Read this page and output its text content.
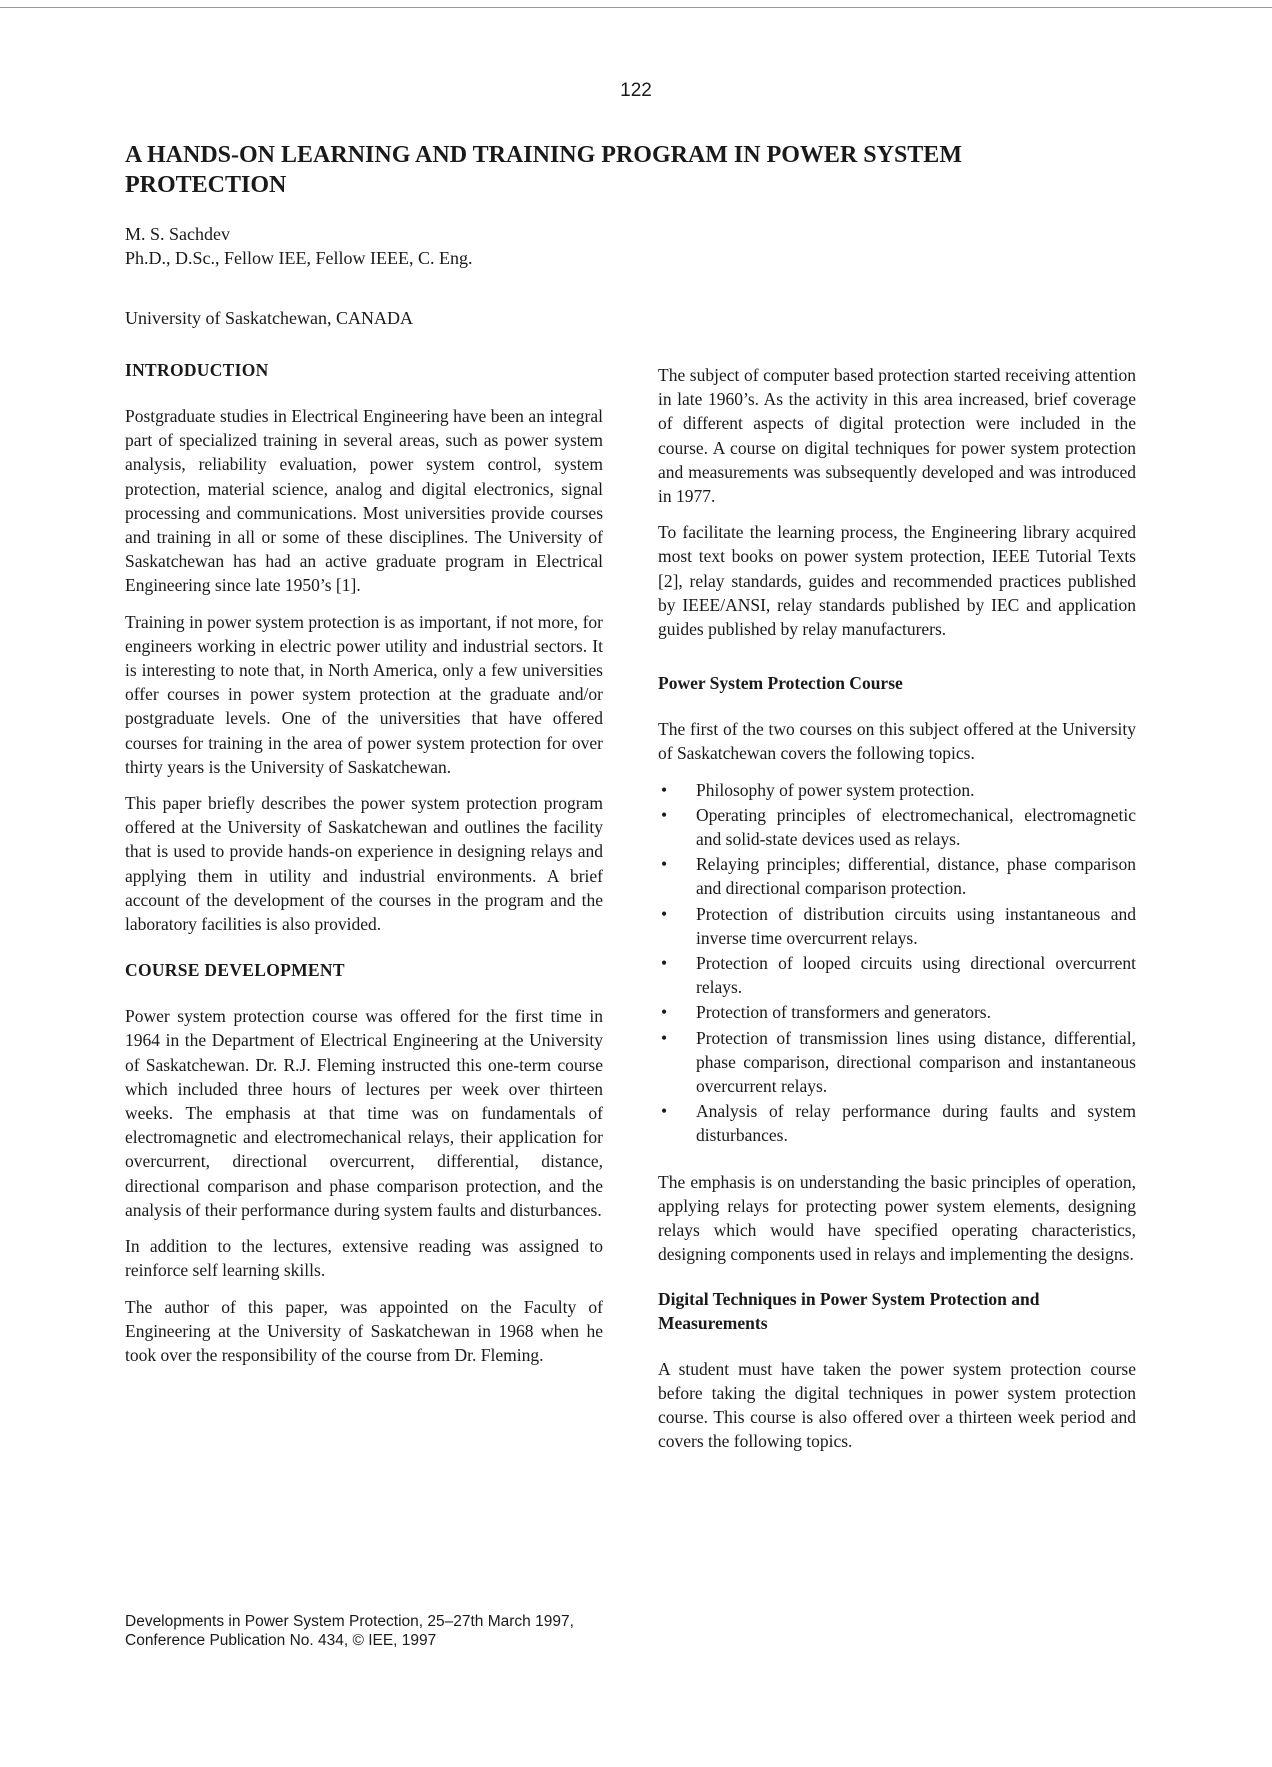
122
A HANDS-ON LEARNING AND TRAINING PROGRAM IN POWER SYSTEM PROTECTION
M. S. Sachdev
Ph.D., D.Sc., Fellow IEE, Fellow IEEE, C. Eng.
University of Saskatchewan, CANADA
INTRODUCTION

Postgraduate studies in Electrical Engineering have been an integral part of specialized training in several areas, such as power system analysis, reliability evaluation, power system control, system protection, material science, analog and digital electronics, signal processing and communications. Most universities provide courses and training in all or some of these disciplines. The University of Saskatchewan has had an active graduate program in Electrical Engineering since late 1950’s [1].

Training in power system protection is as important, if not more, for engineers working in electric power utility and industrial sectors. It is interesting to note that, in North America, only a few universities offer courses in power system protection at the graduate and/or postgraduate levels. One of the universities that have offered courses for training in the area of power system protection for over thirty years is the University of Saskatchewan.

This paper briefly describes the power system protection program offered at the University of Saskatchewan and outlines the facility that is used to provide hands-on experience in designing relays and applying them in utility and industrial environments. A brief account of the development of the courses in the program and the laboratory facilities is also provided.

COURSE DEVELOPMENT

Power system protection course was offered for the first time in 1964 in the Department of Electrical Engineering at the University of Saskatchewan. Dr. R.J. Fleming instructed this one-term course which included three hours of lectures per week over thirteen weeks. The emphasis at that time was on fundamentals of electromagnetic and electromechanical relays, their application for overcurrent, directional overcurrent, differential, distance, directional comparison and phase comparison protection, and the analysis of their performance during system faults and disturbances.

In addition to the lectures, extensive reading was assigned to reinforce self learning skills.

The author of this paper, was appointed on the Faculty of Engineering at the University of Saskatchewan in 1968 when he took over the responsibility of the course from Dr. Fleming.

The subject of computer based protection started receiving attention in late 1960’s. As the activity in this area increased, brief coverage of different aspects of digital protection were included in the course. A course on digital techniques for power system protection and measurements was subsequently developed and was introduced in 1977.

To facilitate the learning process, the Engineering library acquired most text books on power system protection, IEEE Tutorial Texts [2], relay standards, guides and recommended practices published by IEEE/ANSI, relay standards published by IEC and application guides published by relay manufacturers.

Power System Protection Course

The first of the two courses on this subject offered at the University of Saskatchewan covers the following topics.

• Philosophy of power system protection.
• Operating principles of electromechanical, electromagnetic and solid-state devices used as relays.
• Relaying principles; differential, distance, phase comparison and directional comparison protection.
• Protection of distribution circuits using instantaneous and inverse time overcurrent relays.
• Protection of looped circuits using directional overcurrent relays.
• Protection of transformers and generators.
• Protection of transmission lines using distance, differential, phase comparison, directional comparison and instantaneous overcurrent relays.
• Analysis of relay performance during faults and system disturbances.

The emphasis is on understanding the basic principles of operation, applying relays for protecting power system elements, designing relays which would have specified operating characteristics, designing components used in relays and implementing the designs.

Digital Techniques in Power System Protection and Measurements

A student must have taken the power system protection course before taking the digital techniques in power system protection course. This course is also offered over a thirteen week period and covers the following topics.

Developments in Power System Protection, 25–27th March 1997,
Conference Publication No. 434, © IEE, 1997
